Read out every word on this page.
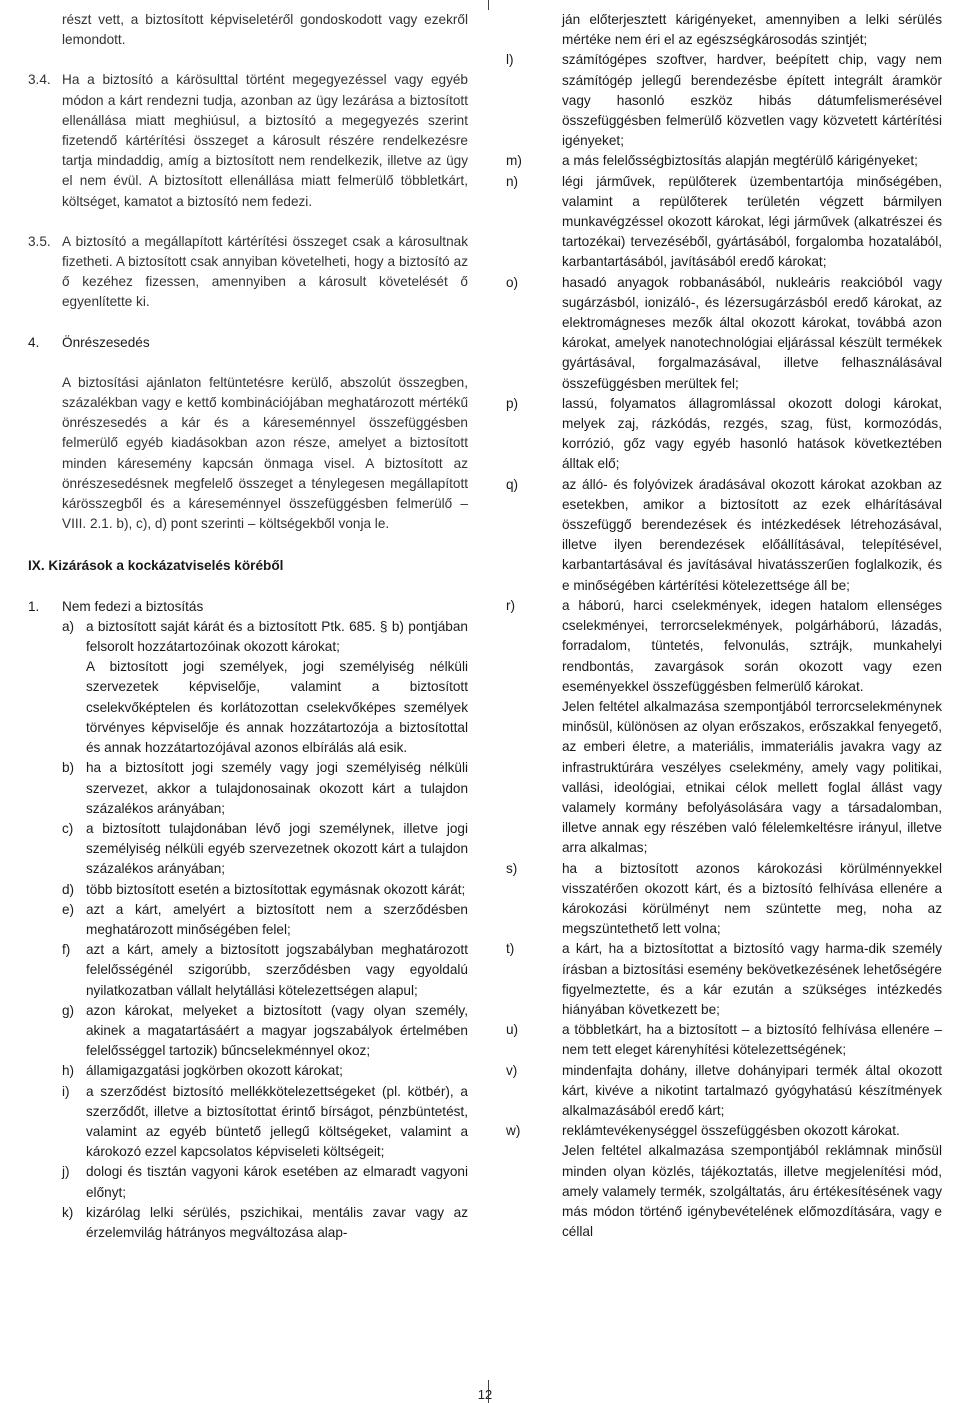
részt vett, a biztosított képviseletéről gondoskodott vagy ezekről lemondott.
3.4. Ha a biztosító a kárösulttal történt megegyezéssel vagy egyéb módon a kárt rendezni tudja, azonban az ügy lezárása a biztosított ellenállása miatt meghiúsul, a biztosító a megegyezés szerint fizetendő kártérítési összeget a károsult részére rendelkezésre tartja mindaddig, amíg a biztosított nem rendelkezik, illetve az ügy el nem évül. A biztosított ellenállása miatt felmerülő többletkárt, költséget, kamatot a biztosító nem fedezi.
3.5. A biztosító a megállapított kártérítési összeget csak a károsultnak fizetheti. A biztosított csak annyiban követelheti, hogy a biztosító az ő kezéhez fizessen, amennyiben a károsult követelését ő egyenlítette ki.
4. Önrészesedés
A biztosítási ajánlaton feltüntetésre kerülő, abszolút összegben, százalékban vagy e kettő kombinációjában meghatározott mértékű önrészesedés a kár és a káreseménnyel összefüggésben felmerülő egyéb kiadásokban azon része, amelyet a biztosított minden káresemény kapcsán önmaga visel. A biztosított az önrészesedésnek megfelelő összeget a ténylegesen megállapított kárösszegből és a káreseménnyel összefüggésben felmerülő – VIII. 2.1. b), c), d) pont szerinti – költségekből vonja le.
IX. Kizárások a kockázatviselés köréből
1. Nem fedezi a biztosítás
a) a biztosított saját kárát és a biztosított Ptk. 685. § b) pontjában felsorolt hozzátartozóinak okozott károkat;
A biztosított jogi személyek, jogi személyiség nélküli szervezetek képviselője, valamint a biztosított cselekvőképtelen és korlátozottan cselekvőképes személyek törvényes képviselője és annak hozzátartozója a biztosítottal és annak hozzátartozójával azonos elbírálás alá esik.
b) ha a biztosított jogi személy vagy jogi személyiség nélküli szervezet, akkor a tulajdonosainak okozott kárt a tulajdon százalékos arányában;
c) a biztosított tulajdonában lévő jogi személynek, illetve jogi személyiség nélküli egyéb szervezetnek okozott kárt a tulajdon százalékos arányában;
d) több biztosított esetén a biztosítottak egymásnak okozott kárát;
e) azt a kárt, amelyért a biztosított nem a szerződésben meghatározott minőségében felel;
f) azt a kárt, amely a biztosított jogszabályban meghatározott felelősségénél szigorúbb, szerződésben vagy egyoldalú nyilatkozatban vállalt helytállási kötelezettségen alapul;
g) azon károkat, melyeket a biztosított (vagy olyan személy, akinek a magatartásáért a magyar jogszabályok értelmében felelősséggel tartozik) bűncselekménnyel okoz;
h) államigazgatási jogkörben okozott károkat;
i) a szerződést biztosító mellékkötelezettségeket (pl. kötbér), a szerződőt, illetve a biztosítottat érintő bírságot, pénzbüntetést, valamint az egyéb büntető jellegű költségeket, valamint a károkozó ezzel kapcsolatos képviseleti költségeit;
j) dologi és tisztán vagyoni károk esetében az elmaradt vagyoni előnyt;
k) kizárólag lelki sérülés, pszichikai, mentális zavar vagy az érzelemvilág hátrányos megváltozása alap-
ján előterjesztett kárigényeket, amennyiben a lelki sérülés mértéke nem éri el az egészségkárosodás szintjét;
l)	számítógépes szoftver, hardver, beépített chip, vagy nem számítógép jellegű berendezésbe épített integrált áramkör vagy hasonló eszköz hibás dátumfelismerésével összefüggésben felmerülő közvetlen vagy közvetett kártérítési igényeket;
m)	a más felelősségbiztosítás alapján megtérülő kárigényeket;
n)	légi járművek, repülőterek üzembentartója minőségében, valamint a repülőterek területén végzett bármilyen munkavégzéssel okozott károkat, légi járművek (alkatrészei és tartozékai) tervezéséből, gyártásából, forgalomba hozatalából, karbantartásából, javításából eredő károkat;
o)	hasadó anyagok robbanásából, nukleáris reakcióból vagy sugárzásból, ionizáló-, és lézersugárzásból eredő károkat, az elektromágneses mezők által okozott károkat, továbbá azon károkat, amelyek nanotechnológiai eljárással készült termékek gyártásával, forgalmazásával, illetve felhasználásával összefüggésben merültek fel;
p)	lassú, folyamatos állagromlással okozott dologi károkat, melyek zaj, rázkódás, rezgés, szag, füst, kormozódás, korrózió, gőz vagy egyéb hasonló hatások következtében álltak elő;
q)	az álló- és folyóvizek áradásával okozott károkat azokban az esetekben, amikor a biztosított az ezek elhárításával összefüggő berendezések és intézkedések létrehozásával, illetve ilyen berendezések előállításával, telepítésével, karbantartásával és javításával hivatásszerűen foglalkozik, és e minőségében kártérítési kötelezettsége áll be;
r)	a háború, harci cselekmények, idegen hatalom ellenséges cselekményei, terrorcselekmények, polgárháború, lázadás, forradalom, tüntetés, felvonulás, sztrájk, munkahelyi rendbontás, zavargások során okozott vagy ezen eseményekkel összefüggésben felmerülő károkat.
Jelen feltétel alkalmazása szempontjából terrorcselekménynek minősül, különösen az olyan erőszakos, erőszakkal fenyegető, az emberi életre, a materiális, immateriális javakra vagy az infrastruktúrára veszélyes cselekmény, amely vagy politikai, vallási, ideológiai, etnikai célok mellett foglal állást vagy valamely kormány befolyásolására vagy a társadalomban, illetve annak egy részében való félelemkeltésre irányul, illetve arra alkalmas;
s)	ha a biztosított azonos károkozási körülménnyekkel visszatérően okozott kárt, és a biztosító felhívása ellenére a károkozási körülményt nem szüntette meg, noha az megszüntethető lett volna;
t)	a kárt, ha a biztosítottat a biztosító vagy harma-dik személy írásban a biztosítási esemény bekövetkezésének lehetőségére figyelmeztette, és a kár ezután a szükséges intézkedés hiányában következett be;
u)	a többletkárt, ha a biztosított – a biztosító felhívása ellenére – nem tett eleget kárenyhítési kötelezettségének;
v)	mindenfajta dohány, illetve dohányipari termék által okozott kárt, kivéve a nikotint tartalmazó gyógyhatású készítmények alkalmazásából eredő kárt;
w)	reklámtevékenységgel összefüggésben okozott károkat.
Jelen feltétel alkalmazása szempontjából reklámnak minősül minden olyan közlés, tájékoztatás, illetve megjelenítési mód, amely valamely termék, szolgáltatás, áru értékesítésének vagy más módon történő igénybevételének előmozdítására, vagy e céllal
12
